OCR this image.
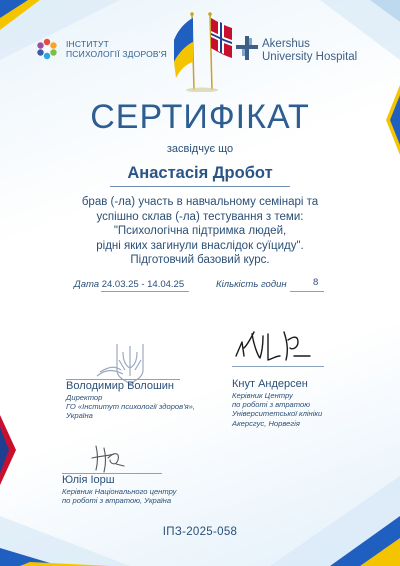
ІНСТИТУТ
ПСИХОЛОГІЇ ЗДОРОВ'Я
Akershus
University Hospital
СЕРТИФІКАТ
засвідчує що
Анастасія Дробот
брав (-ла) участь в навчальному семінарі та
успішно склав (-ла) тестування з теми:
"Психологічна підтримка людей,
рідні яких загинули внаслідок суїциду".
Підготовчий базовий курс.
Дата 24.03.25 - 14.04.25	Кількість годин	8
Володимир Волошин
Директор
ГО «Інститут психології здоров'я»,
Україна
Кнут Андерсен
Керівник Центру
по роботі з втратою
Університетської клініки
Акерсгус, Норвегія
Юлія Іорш
Керівник Національного центру
по роботі з втратою, Україна
ІПЗ-2025-058
